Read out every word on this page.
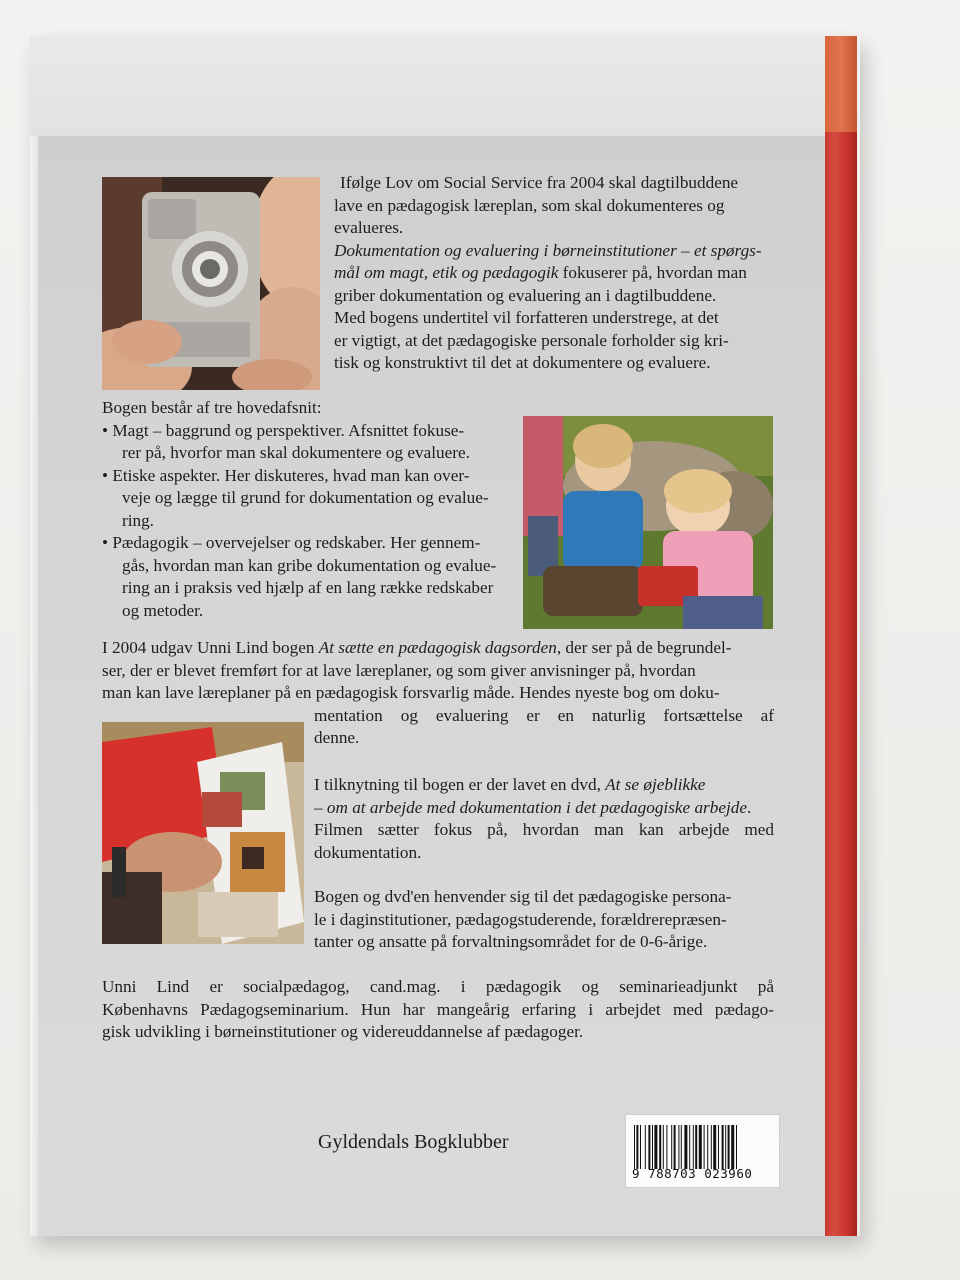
Ifølge Lov om Social Service fra 2004 skal dagtilbuddene
lave en pædagogisk læreplan, som skal dokumenteres og
evalueres.
Dokumentation og evaluering i børneinstitutioner – et spørgs-
mål om magt, etik og pædagogik fokuserer på, hvordan man
griber dokumentation og evaluering an i dagtilbuddene.
Med bogens undertitel vil forfatteren understrege, at det
er vigtigt, at det pædagogiske personale forholder sig kri-
tisk og konstruktivt til det at dokumentere og evaluere.
Bogen består af tre hovedafsnit:
• Magt – baggrund og perspektiver. Afsnittet fokuse-
rer på, hvorfor man skal dokumentere og evaluere.
• Etiske aspekter. Her diskuteres, hvad man kan over-
veje og lægge til grund for dokumentation og evalue-
ring.
• Pædagogik – overvejelser og redskaber. Her gennem-
gås, hvordan man kan gribe dokumentation og evalue-
ring an i praksis ved hjælp af en lang række redskaber
og metoder.
I 2004 udgav Unni Lind bogen At sætte en pædagogisk dagsorden, der ser på de begrundel-
ser, der er blevet fremført for at lave læreplaner, og som giver anvisninger på, hvordan
man kan lave læreplaner på en pædagogisk forsvarlig måde. Hendes nyeste bog om doku-
mentation og evaluering er en naturlig fortsættelse af
denne.
I tilknytning til bogen er der lavet en dvd, At se øjeblikke
– om at arbejde med dokumentation i det pædagogiske arbejde.
Filmen sætter fokus på, hvordan man kan arbejde med
dokumentation.
Bogen og dvd'en henvender sig til det pædagogiske persona-
le i daginstitutioner, pædagogstuderende, forældrerepræsen-
tanter og ansatte på forvaltningsområdet for de 0-6-årige.
Unni Lind er socialpædagog, cand.mag. i pædagogik og seminarieadjunkt på
Københavns Pædagogseminarium. Hun har mangeårig erfaring i arbejdet med pædago-
gisk udvikling i børneinstitutioner og videreuddannelse af pædagoger.
Gyldendals Bogklubber
9 788703 023960
